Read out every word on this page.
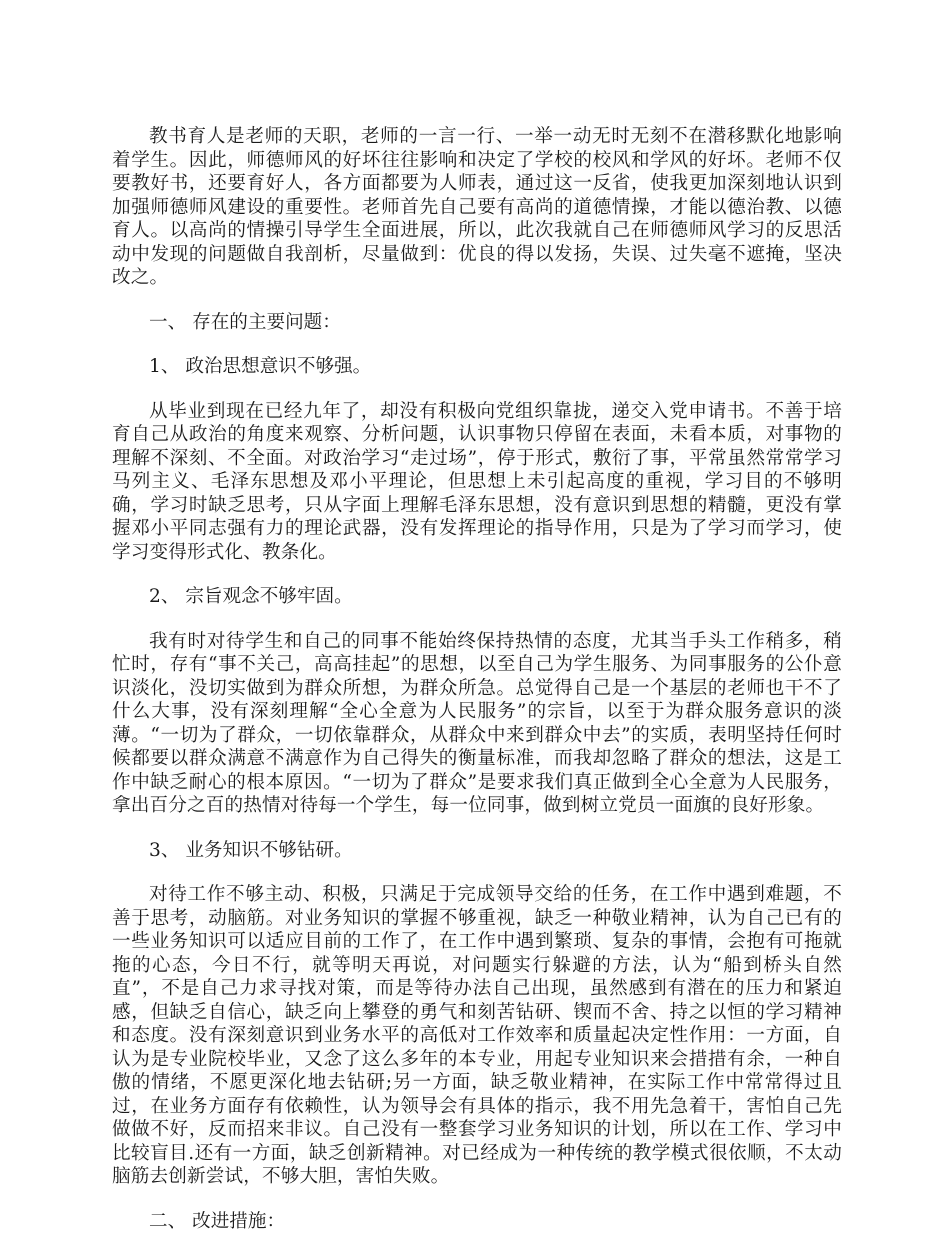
教书育人是老师的天职，老师的一言一行、一举一动无时无刻不在潜移默化地影响着学生。因此，师德师风的好坏往往影响和决定了学校的校风和学风的好坏。老师不仅要教好书，还要育好人，各方面都要为人师表，通过这一反省，使我更加深刻地认识到加强师德师风建设的重要性。老师首先自己要有高尚的道德情操，才能以德治教、以德育人。以高尚的情操引导学生全面进展，所以，此次我就自己在师德师风学习的反思活动中发现的问题做自我剖析，尽量做到：优良的得以发扬，失误、过失毫不遮掩，坚决改之。

一、 存在的主要问题：

1、 政治思想意识不够强。

从毕业到现在已经九年了，却没有积极向党组织靠拢，递交入党申请书。不善于培育自己从政治的角度来观察、分析问题，认识事物只停留在表面，未看本质，对事物的理解不深刻、不全面。对政治学习“走过场”，停于形式，敷衍了事，平常虽然常常学习马列主义、毛泽东思想及邓小平理论，但思想上未引起高度的重视，学习目的不够明确，学习时缺乏思考，只从字面上理解毛泽东思想，没有意识到思想的精髓，更没有掌握邓小平同志强有力的理论武器，没有发挥理论的指导作用，只是为了学习而学习，使学习变得形式化、教条化。

2、 宗旨观念不够牢固。

我有时对待学生和自己的同事不能始终保持热情的态度，尤其当手头工作稍多，稍忙时，存有“事不关己，高高挂起”的思想，以至自己为学生服务、为同事服务的公仆意识淡化，没切实做到为群众所想，为群众所急。总觉得自己是一个基层的老师也干不了什么大事，没有深刻理解“全心全意为人民服务”的宗旨，以至于为群众服务意识的淡薄。“一切为了群众，一切依靠群众，从群众中来到群众中去”的实质，表明坚持任何时候都要以群众满意不满意作为自己得失的衡量标准，而我却忽略了群众的想法，这是工作中缺乏耐心的根本原因。“一切为了群众”是要求我们真正做到全心全意为人民服务，拿出百分之百的热情对待每一个学生，每一位同事，做到树立党员一面旗的良好形象。

3、 业务知识不够钻研。

对待工作不够主动、积极，只满足于完成领导交给的任务，在工作中遇到难题，不善于思考，动脑筋。对业务知识的掌握不够重视，缺乏一种敬业精神，认为自己已有的一些业务知识可以适应目前的工作了，在工作中遇到繁琐、复杂的事情，会抱有可拖就拖的心态，今日不行，就等明天再说，对问题实行躲避的方法，认为“船到桥头自然直”，不是自己力求寻找对策，而是等待办法自己出现，虽然感到有潜在的压力和紧迫感，但缺乏自信心，缺乏向上攀登的勇气和刻苦钻研、锲而不舍、持之以恒的学习精神和态度。没有深刻意识到业务水平的高低对工作效率和质量起决定性作用：一方面，自认为是专业院校毕业，又念了这么多年的本专业，用起专业知识来会措措有余，一种自傲的情绪，不愿更深化地去钻研;另一方面，缺乏敬业精神，在实际工作中常常得过且过，在业务方面存有依赖性，认为领导会有具体的指示，我不用先急着干，害怕自己先做做不好，反而招来非议。自己没有一整套学习业务知识的计划，所以在工作、学习中比较盲目.还有一方面，缺乏创新精神。对已经成为一种传统的教学模式很依顺，不太动脑筋去创新尝试，不够大胆，害怕失败。

二、 改进措施：
